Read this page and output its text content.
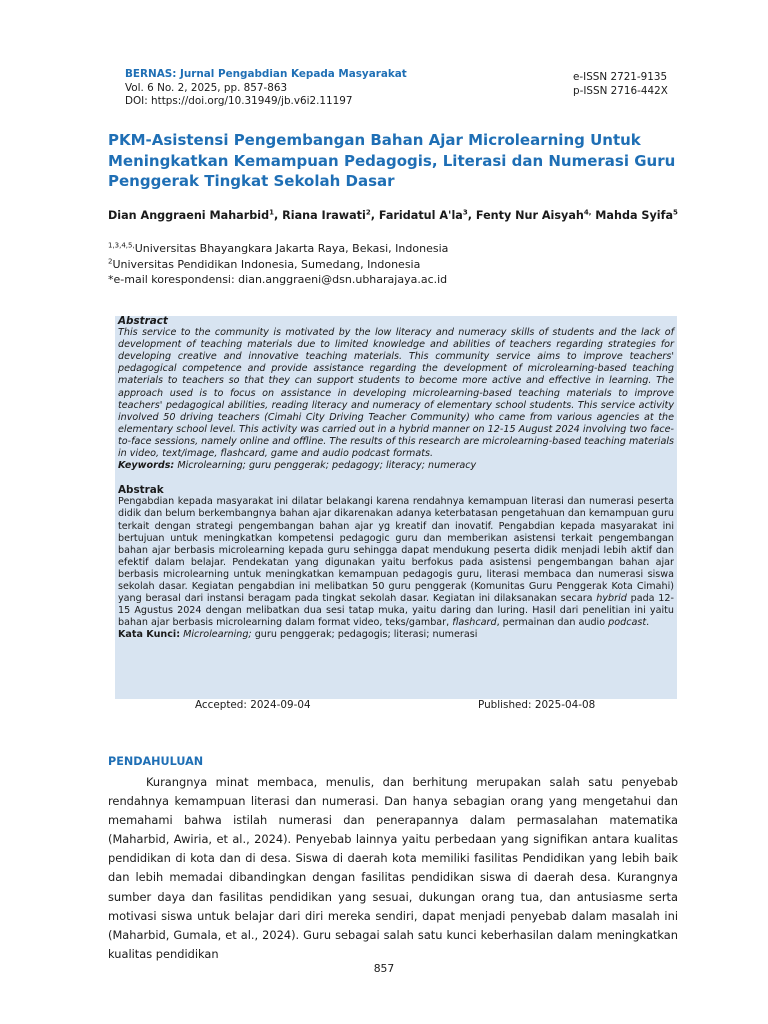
BERNAS: Jurnal Pengabdian Kepada Masyarakat
Vol. 6 No. 2, 2025, pp. 857-863
DOI: https://doi.org/10.31949/jb.v6i2.11197
e-ISSN 2721-9135
p-ISSN 2716-442X
PKM-Asistensi Pengembangan Bahan Ajar Microlearning Untuk Meningkatkan Kemampuan Pedagogis, Literasi dan Numerasi Guru Penggerak Tingkat Sekolah Dasar
Dian Anggraeni Maharbid$^1$, Riana Irawati$^2$, Faridatul $A'la^3$, Fenty Nur Aisyah$^{4,}$ Mahda Syifa$^5$
$^{1,3,4,5,}$Universitas Bhayangkara Jakarta Raya, Bekasi, Indonesia
$^2$Universitas Pendidikan Indonesia, Sumedang, Indonesia
*e-mail korespondensi: dian.anggraeni@dsn.ubharajaya.ac.id
Abstract
This service to the community is motivated by the low literacy and numeracy skills of students and the lack of development of teaching materials due to limited knowledge and abilities of teachers regarding strategies for developing creative and innovative teaching materials. This community service aims to improve teachers' pedagogical competence and provide assistance regarding the development of microlearning-based teaching materials to teachers so that they can support students to become more active and effective in learning. The approach used is to focus on assistance in developing microlearning-based teaching materials to improve teachers' pedagogical abilities, reading literacy and numeracy of elementary school students. This service activity involved 50 driving teachers (Cimahi City Driving Teacher Community) who came from various agencies at the elementary school level. This activity was carried out in a hybrid manner on 12-15 August 2024 involving two face-to-face sessions, namely online and offline. The results of this research are microlearning-based teaching materials in video, text/image, flashcard, game and audio podcast formats.
Keywords: Microlearning; guru penggerak; pedagogy; literacy; numeracy
Abstrak
Pengabdian kepada masyarakat ini dilatar belakangi karena rendahnya kemampuan literasi dan numerasi peserta didik dan belum berkembangnya bahan ajar dikarenakan adanya keterbatasan pengetahuan dan kemampuan guru terkait dengan strategi pengembangan bahan ajar yg kreatif dan inovatif. Pengabdian kepada masyarakat ini bertujuan untuk meningkatkan kompetensi pedagogic guru dan memberikan asistensi terkait pengembangan bahan ajar berbasis microlearning kepada guru sehingga dapat mendukung peserta didik menjadi lebih aktif dan efektif dalam belajar. Pendekatan yang digunakan yaitu berfokus pada asistensi pengembangan bahan ajar berbasis microlearning untuk meningkatkan kemampuan pedagogis guru, literasi membaca dan numerasi siswa sekolah dasar. Kegiatan pengabdian ini melibatkan 50 guru penggerak (Komunitas Guru Penggerak Kota Cimahi) yang berasal dari instansi beragam pada tingkat sekolah dasar. Kegiatan ini dilaksanakan secara hybrid pada 12-15 Agustus 2024 dengan melibatkan dua sesi tatap muka, yaitu daring dan luring. Hasil dari penelitian ini yaitu bahan ajar berbasis microlearning dalam format video, teks/gambar, flashcard, permainan dan audio podcast.
Kata Kunci: Microlearning; guru penggerak; pedagogis; literasi; numerasi
Accepted: 2024-09-04	Published: 2025-04-08
PENDAHULUAN
Kurangnya minat membaca, menulis, dan berhitung merupakan salah satu penyebab rendahnya kemampuan literasi dan numerasi. Dan hanya sebagian orang yang mengetahui dan memahami bahwa istilah numerasi dan penerapannya dalam permasalahan matematika (Maharbid, Awiria, et al., 2024). Penyebab lainnya yaitu perbedaan yang signifikan antara kualitas pendidikan di kota dan di desa. Siswa di daerah kota memiliki fasilitas Pendidikan yang lebih baik dan lebih memadai dibandingkan dengan fasilitas pendidikan siswa di daerah desa. Kurangnya sumber daya dan fasilitas pendidikan yang sesuai, dukungan orang tua, dan antusiasme serta motivasi siswa untuk belajar dari diri mereka sendiri, dapat menjadi penyebab dalam masalah ini (Maharbid, Gumala, et al., 2024). Guru sebagai salah satu kunci keberhasilan dalam meningkatkan kualitas pendidikan
857
